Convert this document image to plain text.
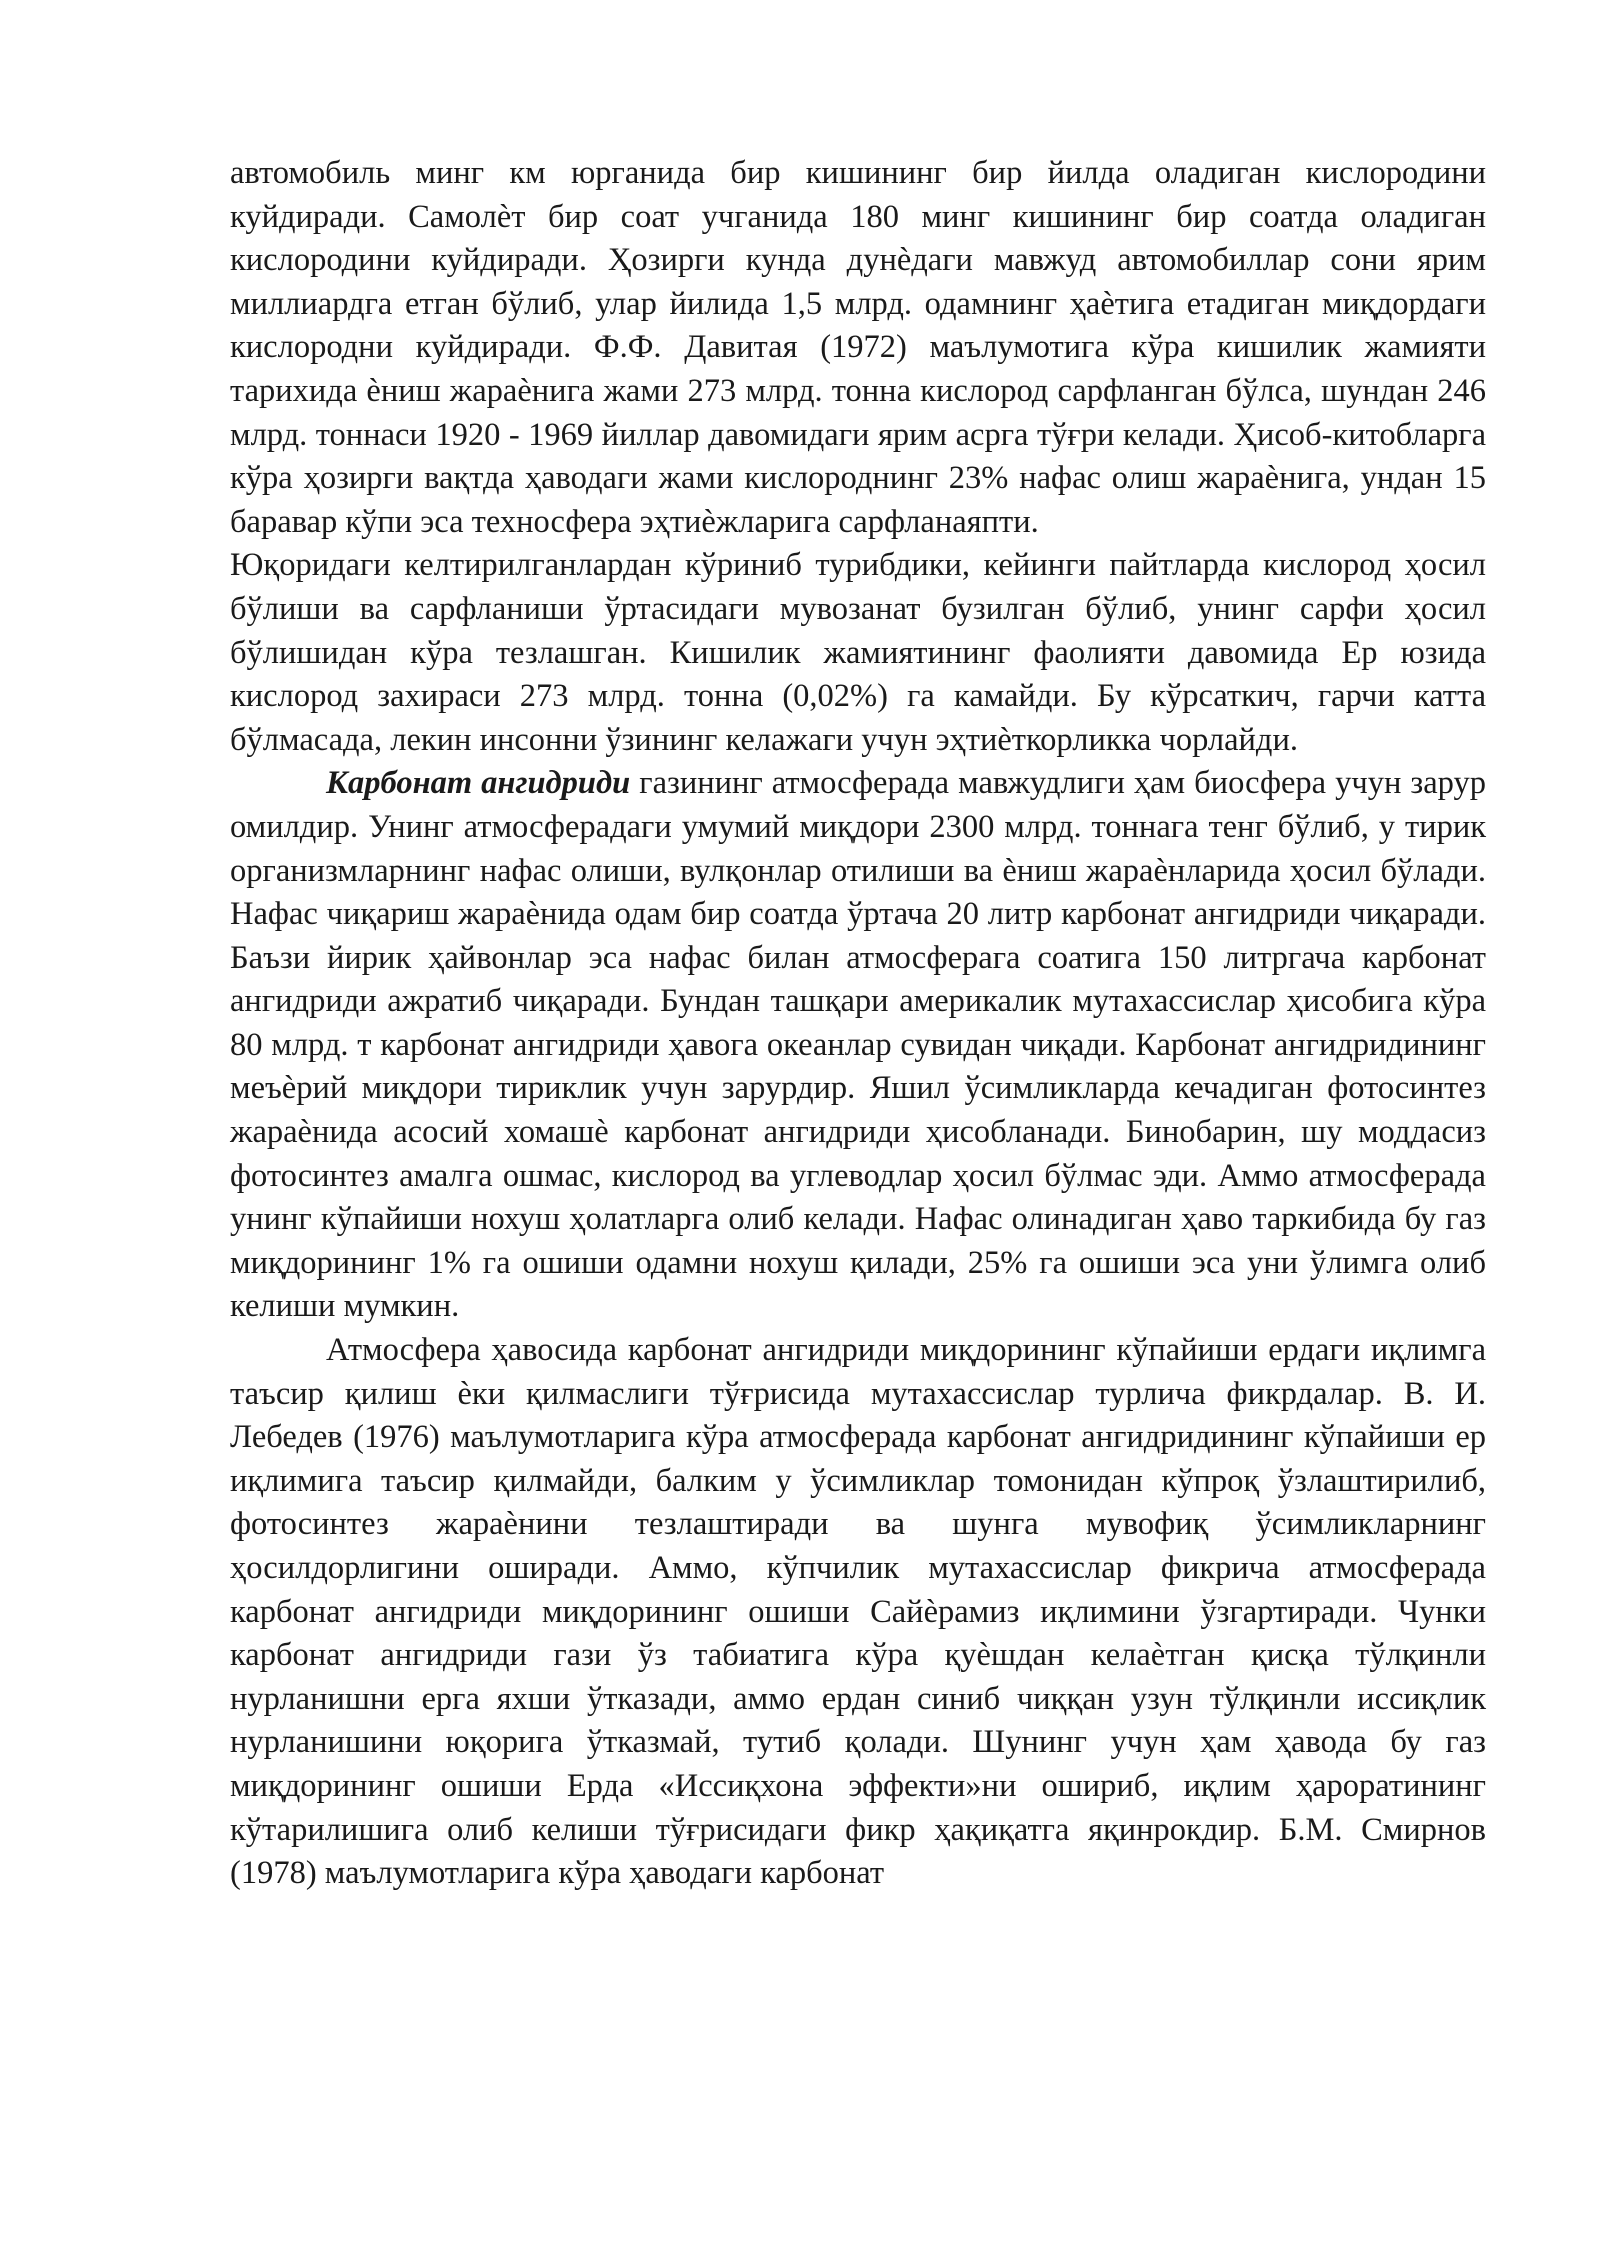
автомобиль минг км юрганида бир кишининг бир йилда оладиган кислородини куйдиради. Самолѐт бир соат учганида 180 минг кишининг бир соатда оладиган кислородини куйдиради. Ҳозирги кунда дунѐдаги мавжуд автомобиллар сони ярим миллиардга етган бўлиб, улар йилида 1,5 млрд. одамнинг ҳаѐтига етадиган миқдордаги кислородни куйдиради. Ф.Ф. Давитая (1972) маълумотига кўра кишилик жамияти тарихида ѐниш жараѐнига жами 273 млрд. тонна кислород сарфланган бўлса, шундан 246 млрд. тоннаси 1920 - 1969 йиллар давомидаги ярим асрга тўғри келади. Ҳисоб-китобларга кўра ҳозирги вақтда ҳаводаги жами кислороднинг 23% нафас олиш жараѐнига, ундан 15 баравар кўпи эса техносфера эҳтиѐжларига сарфланаяпти.

Юқоридаги келтирилганлардан кўриниб турибдики, кейинги пайтларда кислород ҳосил бўлиши ва сарфланиши ўртасидаги мувозанат бузилган бўлиб, унинг сарфи ҳосил бўлишидан кўра тезлашган. Кишилик жамиятининг фаолияти давомида Ер юзида кислород захираси 273 млрд. тонна (0,02%) га камайди. Бу кўрсаткич, гарчи катта бўлмасада, лекин инсонни ўзининг келажаги учун эҳтиѐткорликка чорлайди.

Карбонат ангидриди газининг атмосферада мавжудлиги ҳам биосфера учун зарур омилдир. Унинг атмосферадаги умумий миқдори 2300 млрд. тоннага тенг бўлиб, у тирик организмларнинг нафас олиши, вулқонлар отилиши ва ѐниш жараѐнларида ҳосил бўлади. Нафас чиқариш жараѐнида одам бир соатда ўртача 20 литр карбонат ангидриди чиқаради. Баъзи йирик ҳайвонлар эса нафас билан атмосферага соатига 150 литргача карбонат ангидриди ажратиб чиқаради. Бундан ташқари америкалик мутахассислар ҳисобига кўра 80 млрд. т карбонат ангидриди ҳавога океанлар сувидан чиқади. Карбонат ангидридининг меъѐрий миқдори тириклик учун зарурдир. Яшил ўсимликларда кечадиган фотосинтез жараѐнида асосий хомашѐ карбонат ангидриди ҳисобланади. Бинобарин, шу моддасиз фотосинтез амалга ошмас, кислород ва углеводлар ҳосил бўлмас эди. Аммо атмосферада унинг кўпайиши нохуш ҳолатларга олиб келади. Нафас олинадиган ҳаво таркибида бу газ миқдорининг 1% га ошиши одамни нохуш қилади, 25% га ошиши эса уни ўлимга олиб келиши мумкин.

Атмосфера ҳавосида карбонат ангидриди миқдорининг кўпайиши ердаги иқлимга таъсир қилиш ѐки қилмаслиги тўғрисида мутахассислар турлича фикрдалар. В. И. Лебедев (1976) маълумотларига кўра атмосферада карбонат ангидридининг кўпайиши ер иқлимига таъсир қилмайди, балким у ўсимликлар томонидан кўпроқ ўзлаштирилиб, фотосинтез жараѐнини тезлаштиради ва шунга мувофиқ ўсимликларнинг ҳосилдорлигини оширади. Аммо, кўпчилик мутахассислар фикрича атмосферада карбонат ангидриди миқдорининг ошиши Сайѐрамиз иқлимини ўзгартиради. Чунки карбонат ангидриди гази ўз табиатига кўра қуѐшдан келаѐтган қисқа тўлқинли нурланишни ерга яхши ўтказади, аммо ердан синиб чиққан узун тўлқинли иссиқлик нурланишини юқорига ўтказмай, тутиб қолади. Шунинг учун ҳам ҳавода бу газ миқдорининг ошиши Ерда «Иссиқхона эффекти»ни ошириб, иқлим ҳароратининг кўтарилишига олиб келиши тўғрисидаги фикр ҳақиқатга яқинрокдир. Б.М. Смирнов (1978) маълумотларига кўра ҳаводаги карбонат
